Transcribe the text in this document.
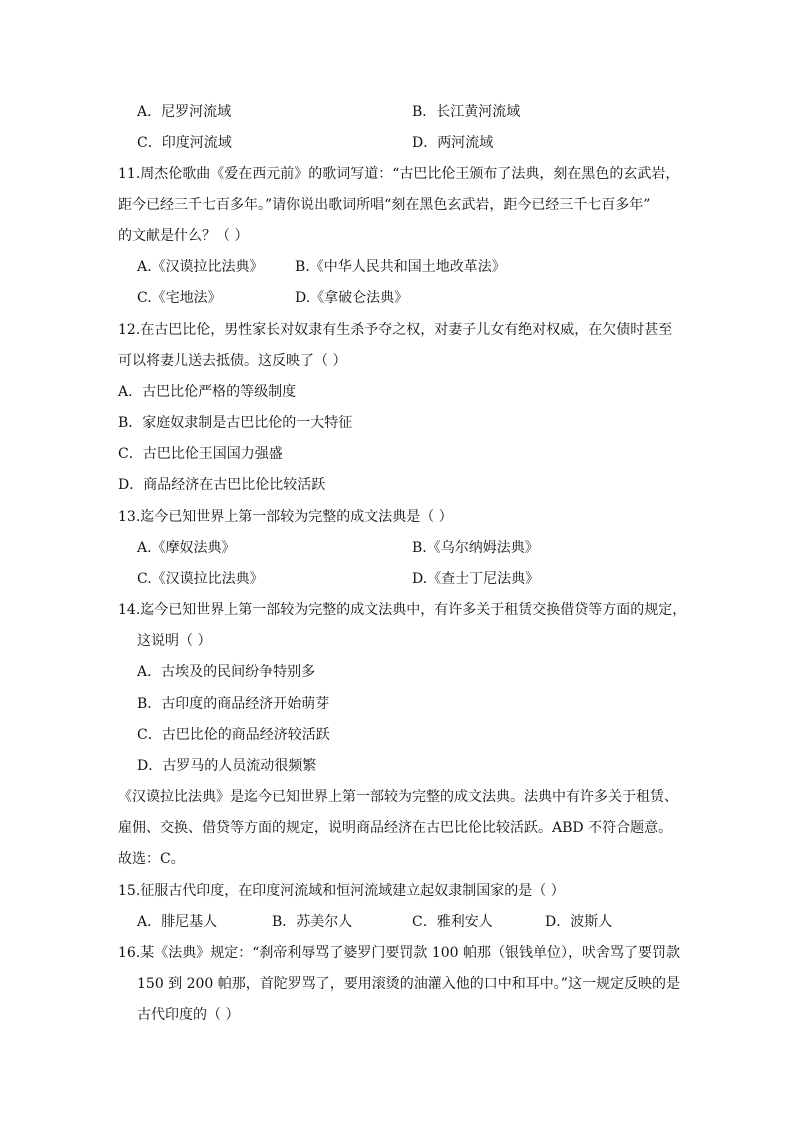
A．尼罗河流域	B．长江黄河流域
C．印度河流域	D．两河流域
11.周杰伦歌曲《爱在西元前》的歌词写道：“古巴比伦王颁布了法典，刻在黑色的玄武岩，
距今已经三千七百多年。”请你说出歌词所唱“刻在黑色玄武岩，距今已经三千七百多年”
的文献是什么？（ ）
A.《汉谟拉比法典》 B.《中华人民共和国土地改革法》
C.《宅地法》	D.《拿破仑法典》
12.在古巴比伦，男性家长对奴隶有生杀予夺之权，对妻子儿女有绝对权威，在欠债时甚至
可以将妻儿送去抵债。这反映了（ ）
A．古巴比伦严格的等级制度
B．家庭奴隶制是古巴比伦的一大特征
C．古巴比伦王国国力强盛
D．商品经济在古巴比伦比较活跃
13.迄今已知世界上第一部较为完整的成文法典是（ ）
A.《摩奴法典》	B.《乌尔纳姆法典》
C.《汉谟拉比法典》	D.《查士丁尼法典》
14.迄今已知世界上第一部较为完整的成文法典中，有许多关于租赁交换借贷等方面的规定，
这说明（ ）
A．古埃及的民间纷争特别多
B．古印度的商品经济开始萌芽
C．古巴比伦的商品经济较活跃
D．古罗马的人员流动很频繁
《汉谟拉比法典》是迄今已知世界上第一部较为完整的成文法典。法典中有许多关于租赁、
雇佣、交换、借贷等方面的规定，说明商品经济在古巴比伦比较活跃。ABD 不符合题意。
故选：C。
15.征服古代印度，在印度河流域和恒河流域建立起奴隶制国家的是（ ）
A．腓尼基人	B．苏美尔人	C．雅利安人	D．波斯人
16.某《法典》规定：“刹帝利辱骂了婆罗门要罚款 100 帕那（银钱单位），吠舍骂了要罚款
150 到 200 帕那，首陀罗骂了，要用滚烫的油灌入他的口中和耳中。”这一规定反映的是
古代印度的（ ）
